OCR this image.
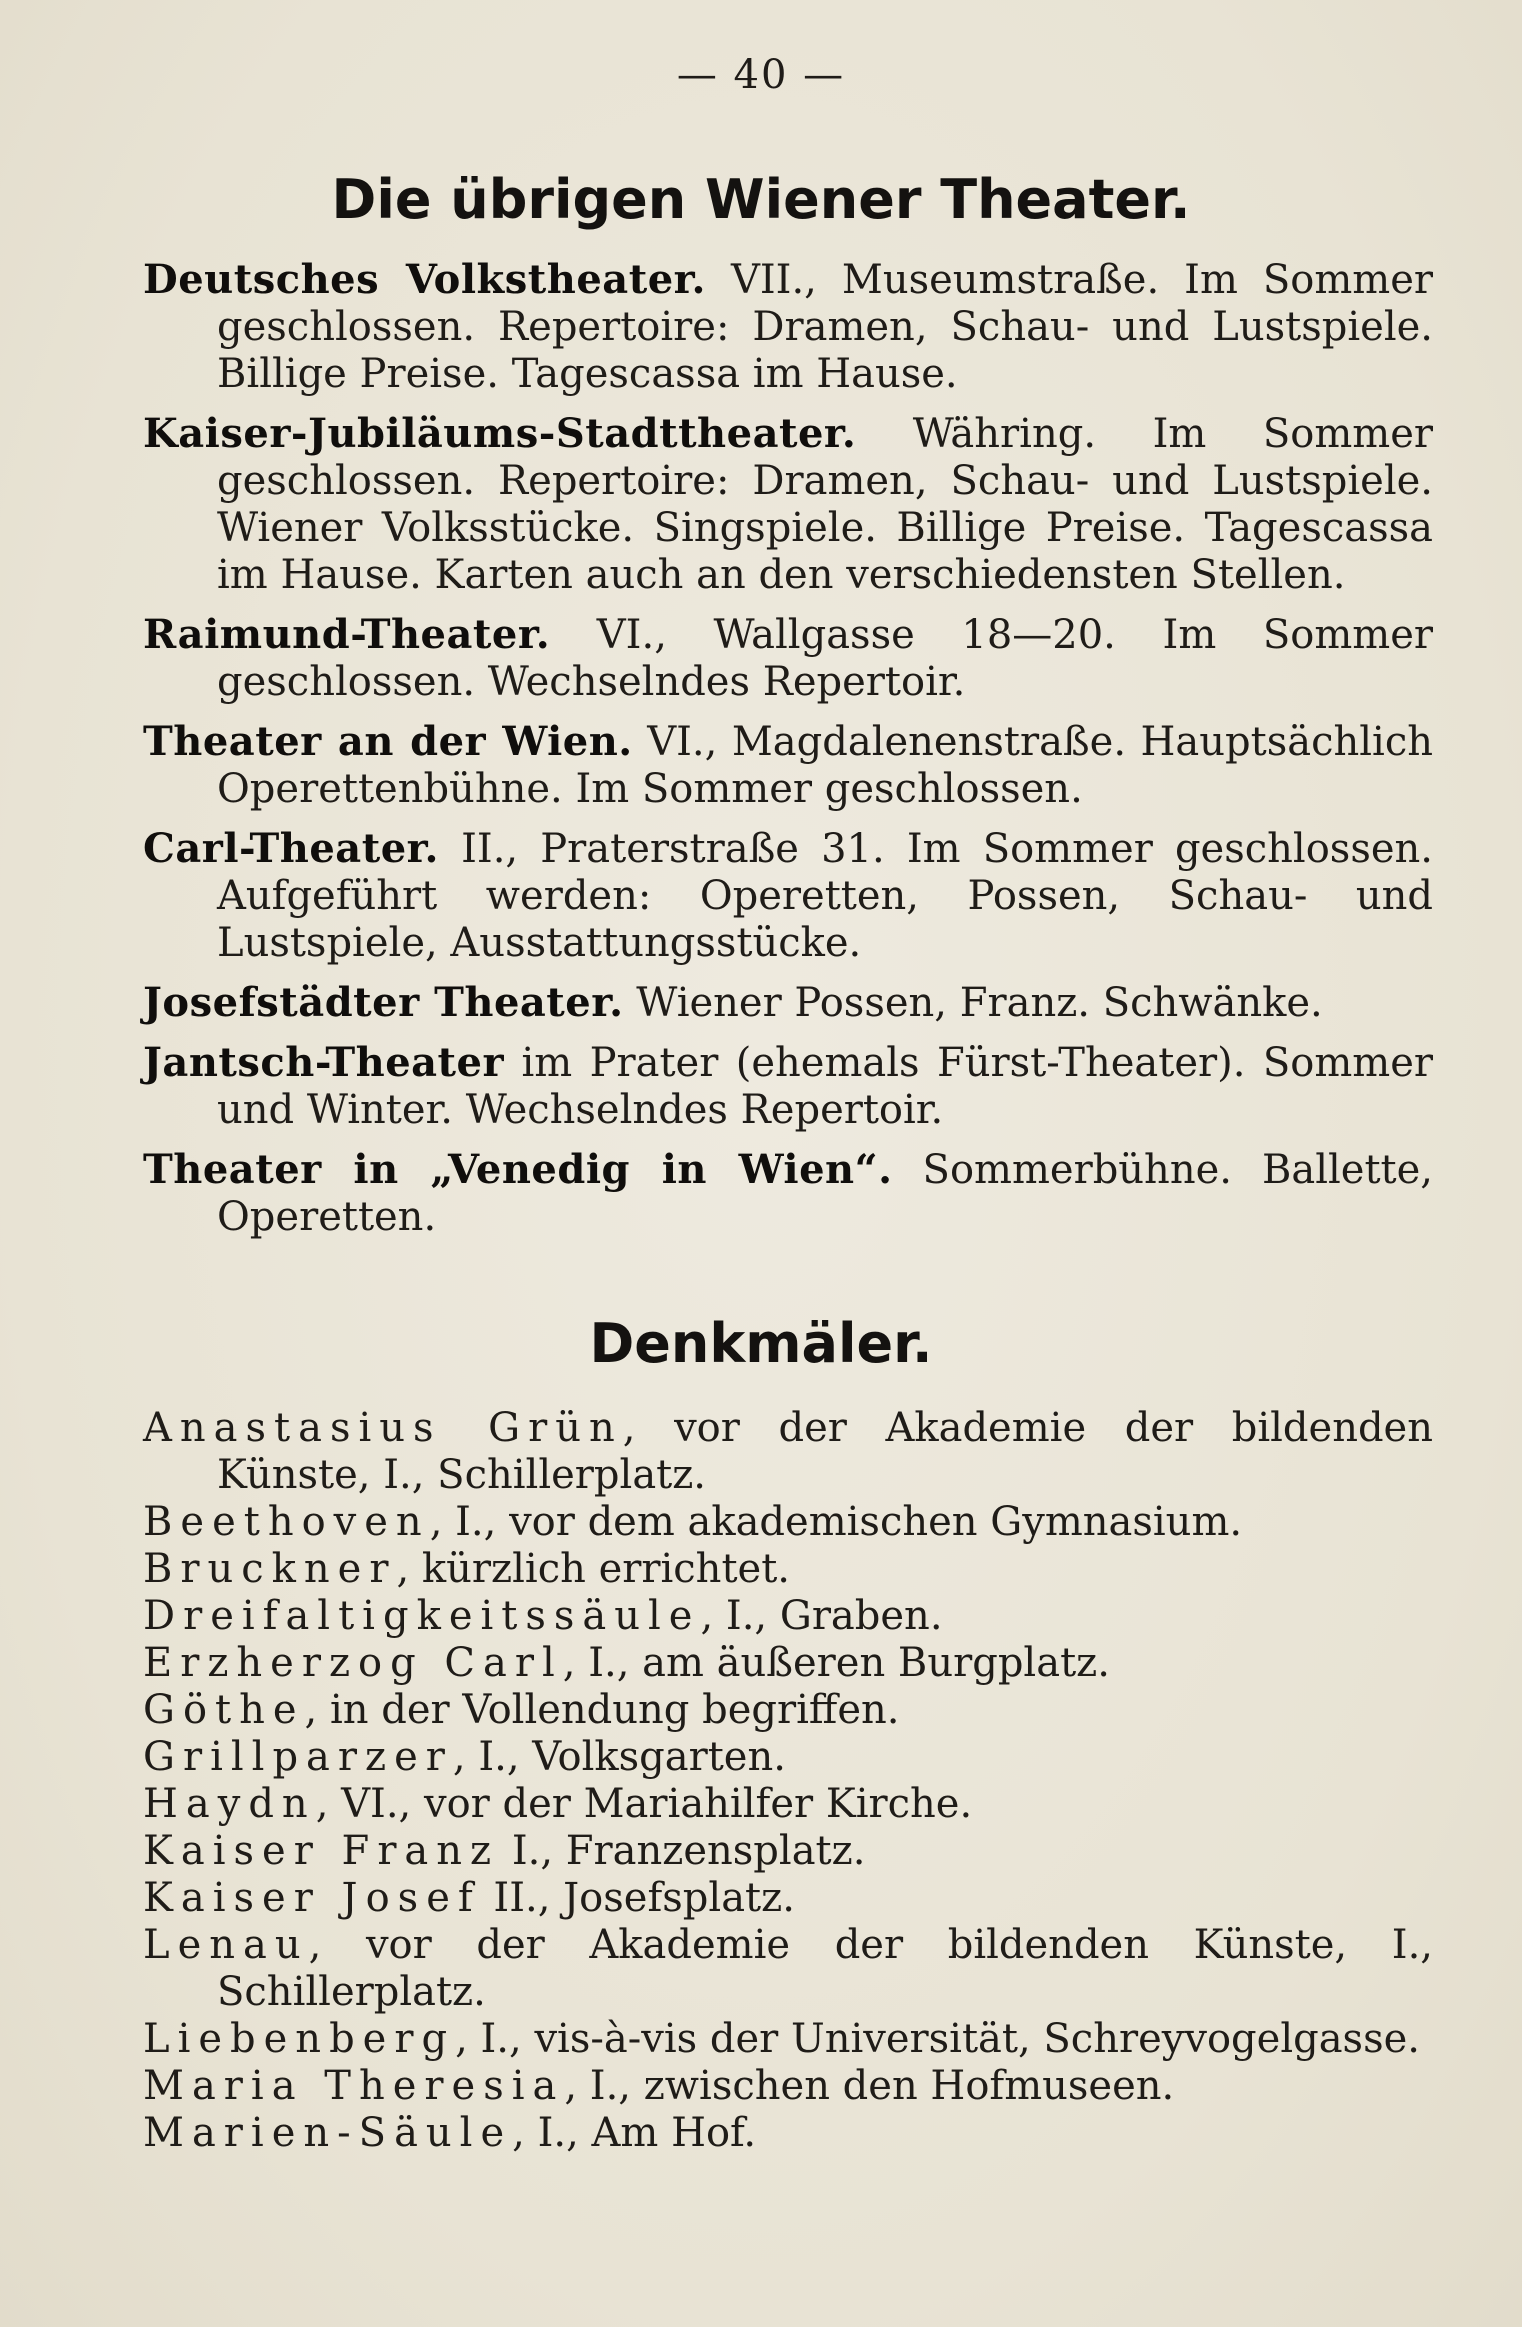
— 40 —
Die übrigen Wiener Theater.

Deutsches Volkstheater. VII., Museumstraße. Im Sommer geschlossen. Repertoire: Dramen, Schau- und Lustspiele. Billige Preise. Tagescassa im Hause.

Kaiser-Jubiläums-Stadttheater. Währing. Im Sommer geschlossen. Repertoire: Dramen, Schau- und Lustspiele. Wiener Volksstücke. Singspiele. Billige Preise. Tagescassa im Hause. Karten auch an den verschiedensten Stellen.

Raimund-Theater. VI., Wallgasse 18—20. Im Sommer geschlossen. Wechselndes Repertoir.

Theater an der Wien. VI., Magdalenenstraße. Hauptsächlich Operettenbühne. Im Sommer geschlossen.

Carl-Theater. II., Praterstraße 31. Im Sommer geschlossen. Aufgeführt werden: Operetten, Possen, Schau- und Lustspiele, Ausstattungsstücke.

Josefstädter Theater. Wiener Possen, Franz. Schwänke.

Jantsch-Theater im Prater (ehemals Fürst-Theater). Sommer und Winter. Wechselndes Repertoir.

Theater in „Venedig in Wien“. Sommerbühne. Ballette, Operetten.

Denkmäler.

Anastasius Grün, vor der Akademie der bildenden Künste, I., Schillerplatz.

Beethoven, I., vor dem akademischen Gymnasium.

Bruckner, kürzlich errichtet.

Dreifaltigkeitssäule, I., Graben.

Erzherzog Carl, I., am äußeren Burgplatz.

Göthe, in der Vollendung begriffen.

Grillparzer, I., Volksgarten.

Haydn, VI., vor der Mariahilfer Kirche.

Kaiser Franz I., Franzensplatz.

Kaiser Josef II., Josefsplatz.

Lenau, vor der Akademie der bildenden Künste, I., Schillerplatz.

Liebenberg, I., vis-à-vis der Universität, Schreyvogelgasse.

Maria Theresia, I., zwischen den Hofmuseen.

Marien-Säule, I., Am Hof.
